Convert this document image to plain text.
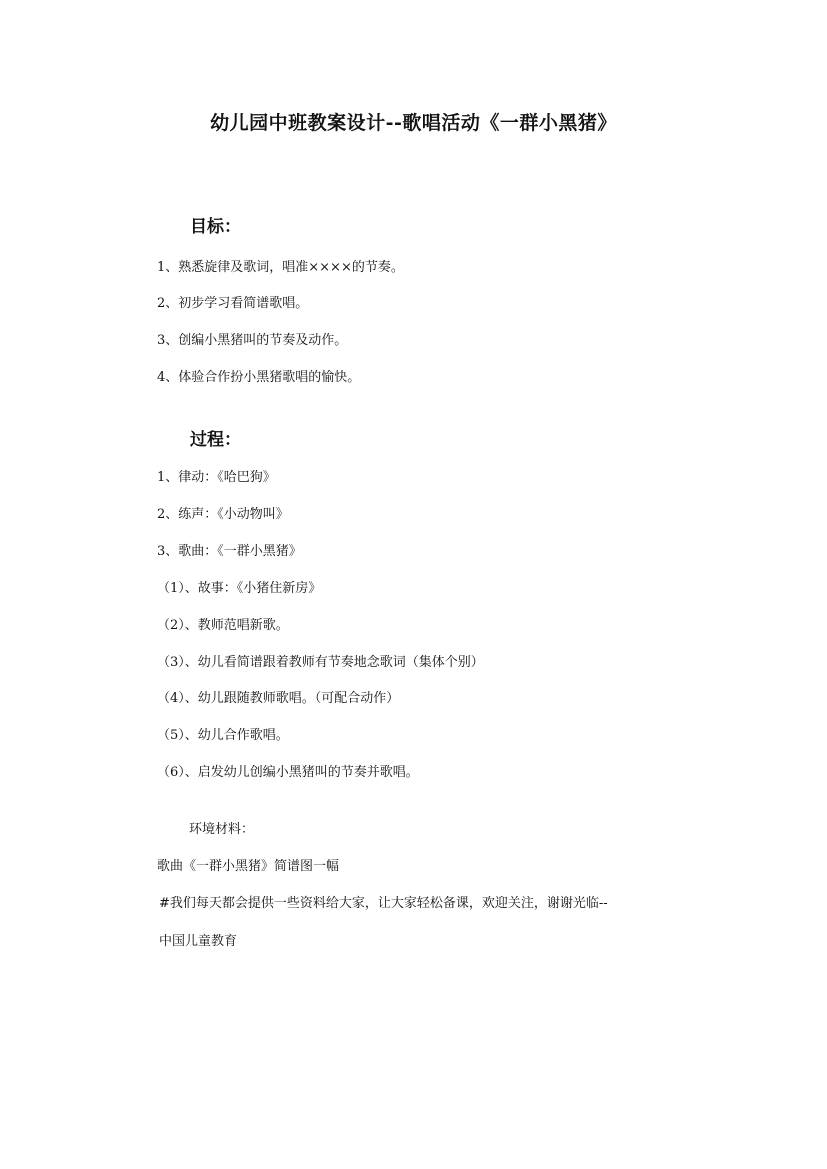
幼儿园中班教案设计--歌唱活动《一群小黑猪》
目标：
1、熟悉旋律及歌词，唱准××××的节奏。
2、初步学习看简谱歌唱。
3、创编小黑猪叫的节奏及动作。
4、体验合作扮小黑猪歌唱的愉快。
过程：
1、律动：《哈巴狗》
2、练声：《小动物叫》
3、歌曲：《一群小黑猪》
（1）、故事：《小猪住新房》
（2）、教师范唱新歌。
（3）、幼儿看简谱跟着教师有节奏地念歌词（集体个别）
（4）、幼儿跟随教师歌唱。（可配合动作）
（5）、幼儿合作歌唱。
（6）、启发幼儿创编小黑猪叫的节奏并歌唱。
环境材料：
歌曲《一群小黑猪》简谱图一幅
#我们每天都会提供一些资料给大家，让大家轻松备课，欢迎关注，谢谢光临--
中国儿童教育
